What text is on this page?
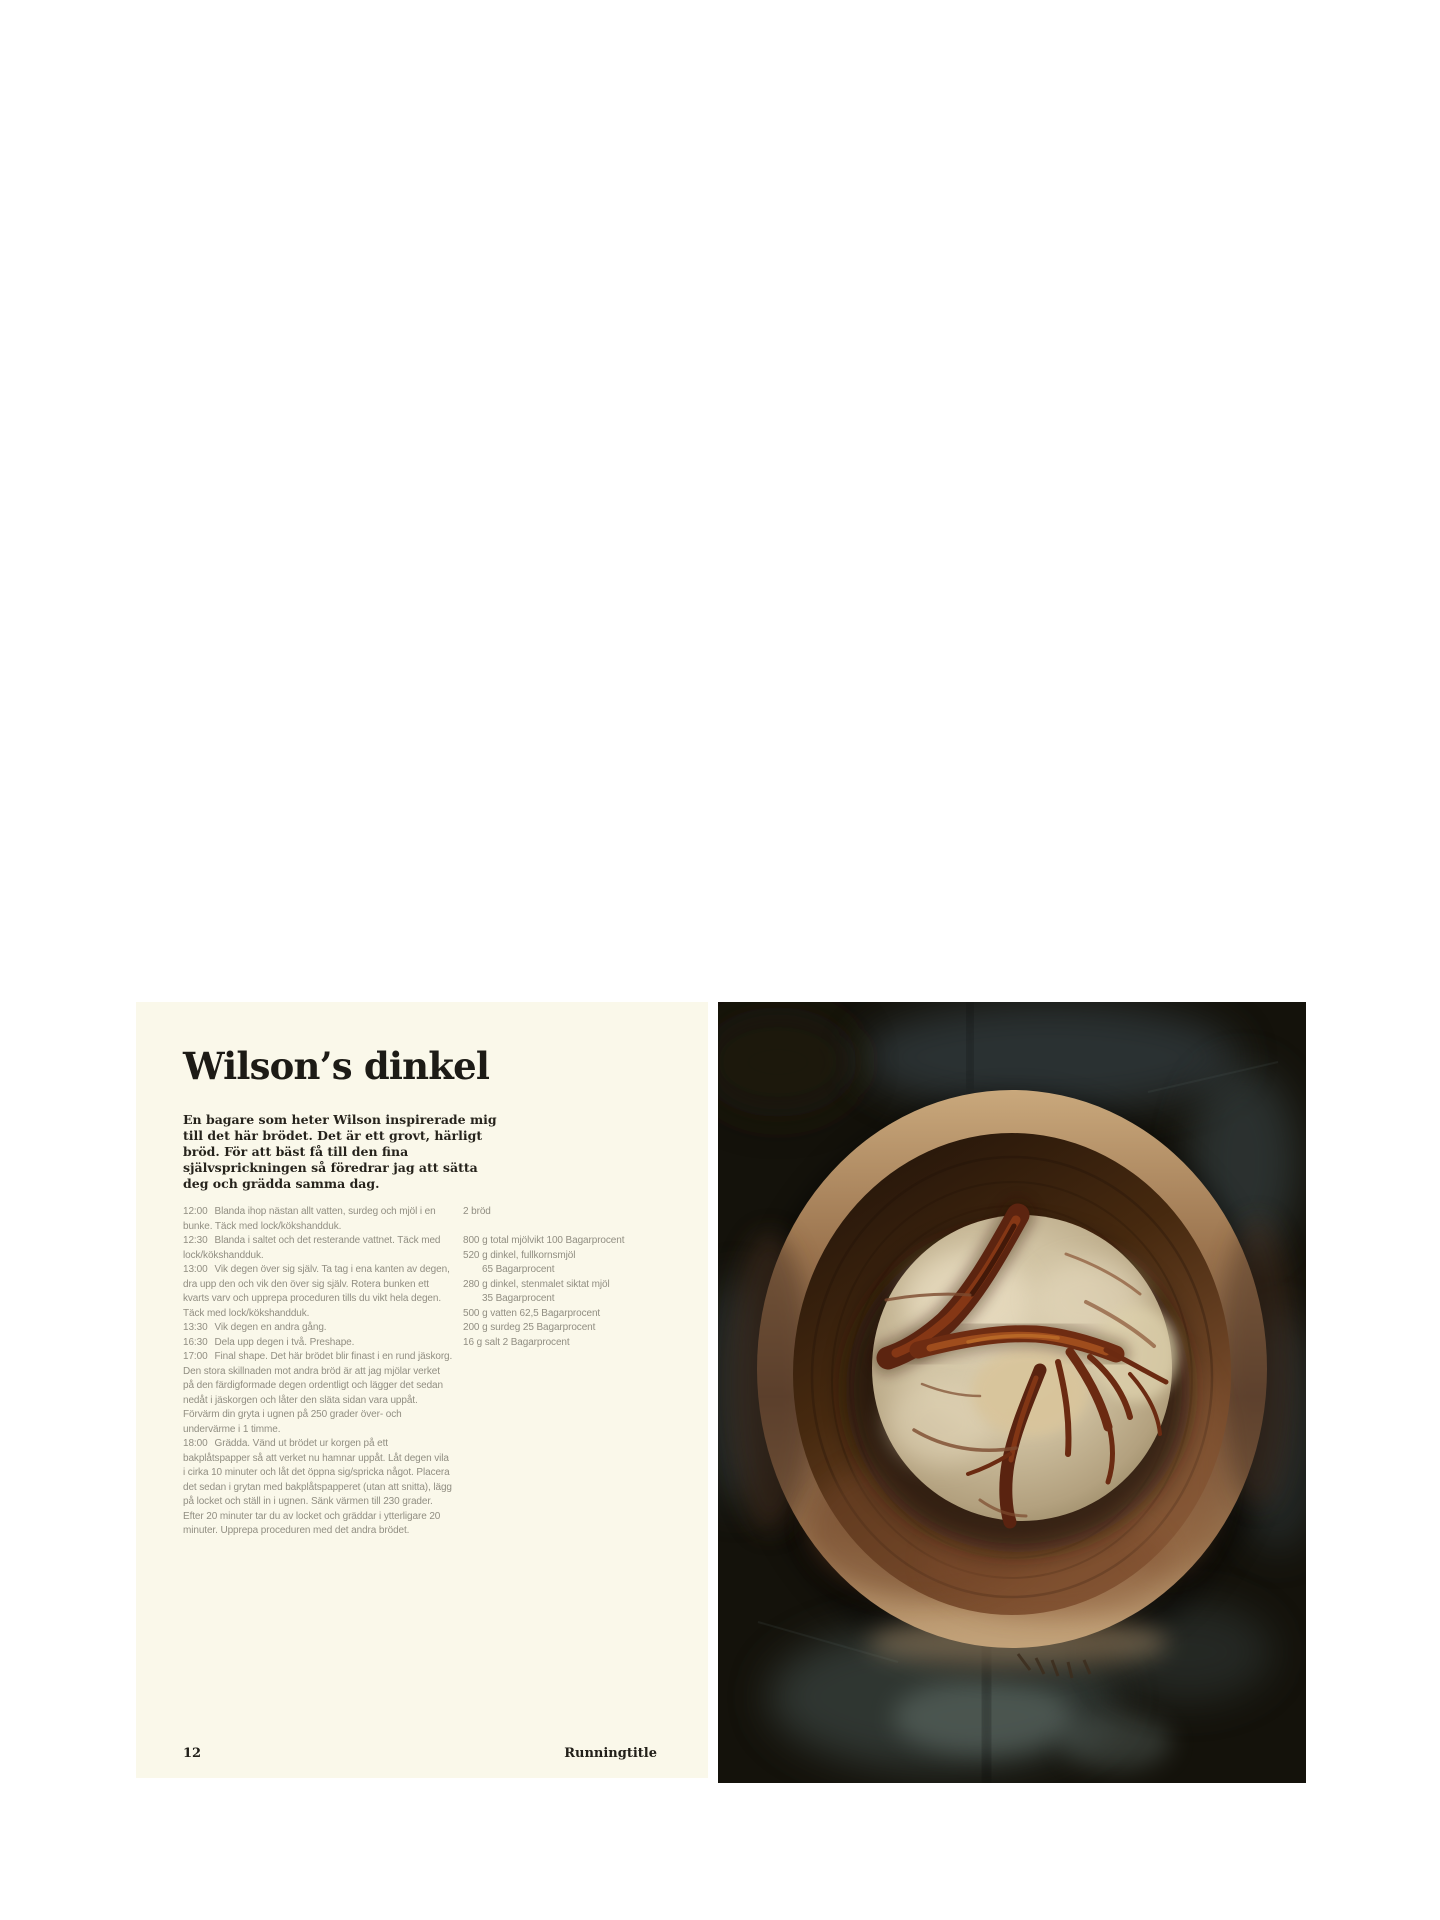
Wilson’s dinkel

En bagare som heter Wilson inspirerade mig till det här brödet. Det är ett grovt, härligt bröd. För att bäst få till den fina självsprickningen så föredrar jag att sätta deg och grädda samma dag.

12:00 Blanda ihop nästan allt vatten, surdeg och mjöl i en bunke. Täck med lock/kökshandduk.

12:30 Blanda i saltet och det resterande vattnet. Täck med lock/kökshandduk.

13:00 Vik degen över sig själv. Ta tag i ena kanten av degen, dra upp den och vik den över sig själv. Rotera bunken ett kvarts varv och upprepa proceduren tills du vikt hela degen. Täck med lock/kökshandduk.

13:30 Vik degen en andra gång.

16:30 Dela upp degen i två. Preshape.

17:00 Final shape. Det här brödet blir finast i en rund jäskorg. Den stora skillnaden mot andra bröd är att jag mjölar verket på den färdigformade degen ordentligt och lägger det sedan nedåt i jäskorgen och låter den släta sidan vara uppåt.

Förvärm din gryta i ugnen på 250 grader över- och undervärme i 1 timme.

18:00 Grädda. Vänd ut brödet ur korgen på ett bakplåtspapper så att verket nu hamnar uppåt. Låt degen vila i cirka 10 minuter och låt det öppna sig/spricka något. Placera det sedan i grytan med bakplåtspapperet (utan att snitta), lägg på locket och ställ in i ugnen. Sänk värmen till 230 grader. Efter 20 minuter tar du av locket och gräddar i ytterligare 20 minuter. Upprepa proceduren med det andra brödet.

2 bröd

800 g total mjölvikt 100 Bagarprocent

520 g dinkel, fullkornsmjöl

65 Bagarprocent

280 g dinkel, stenmalet siktat mjöl

35 Bagarprocent

500 g vatten 62,5 Bagarprocent

200 g surdeg 25 Bagarprocent

16 g salt 2 Bagarprocent

12	Runningtitle
